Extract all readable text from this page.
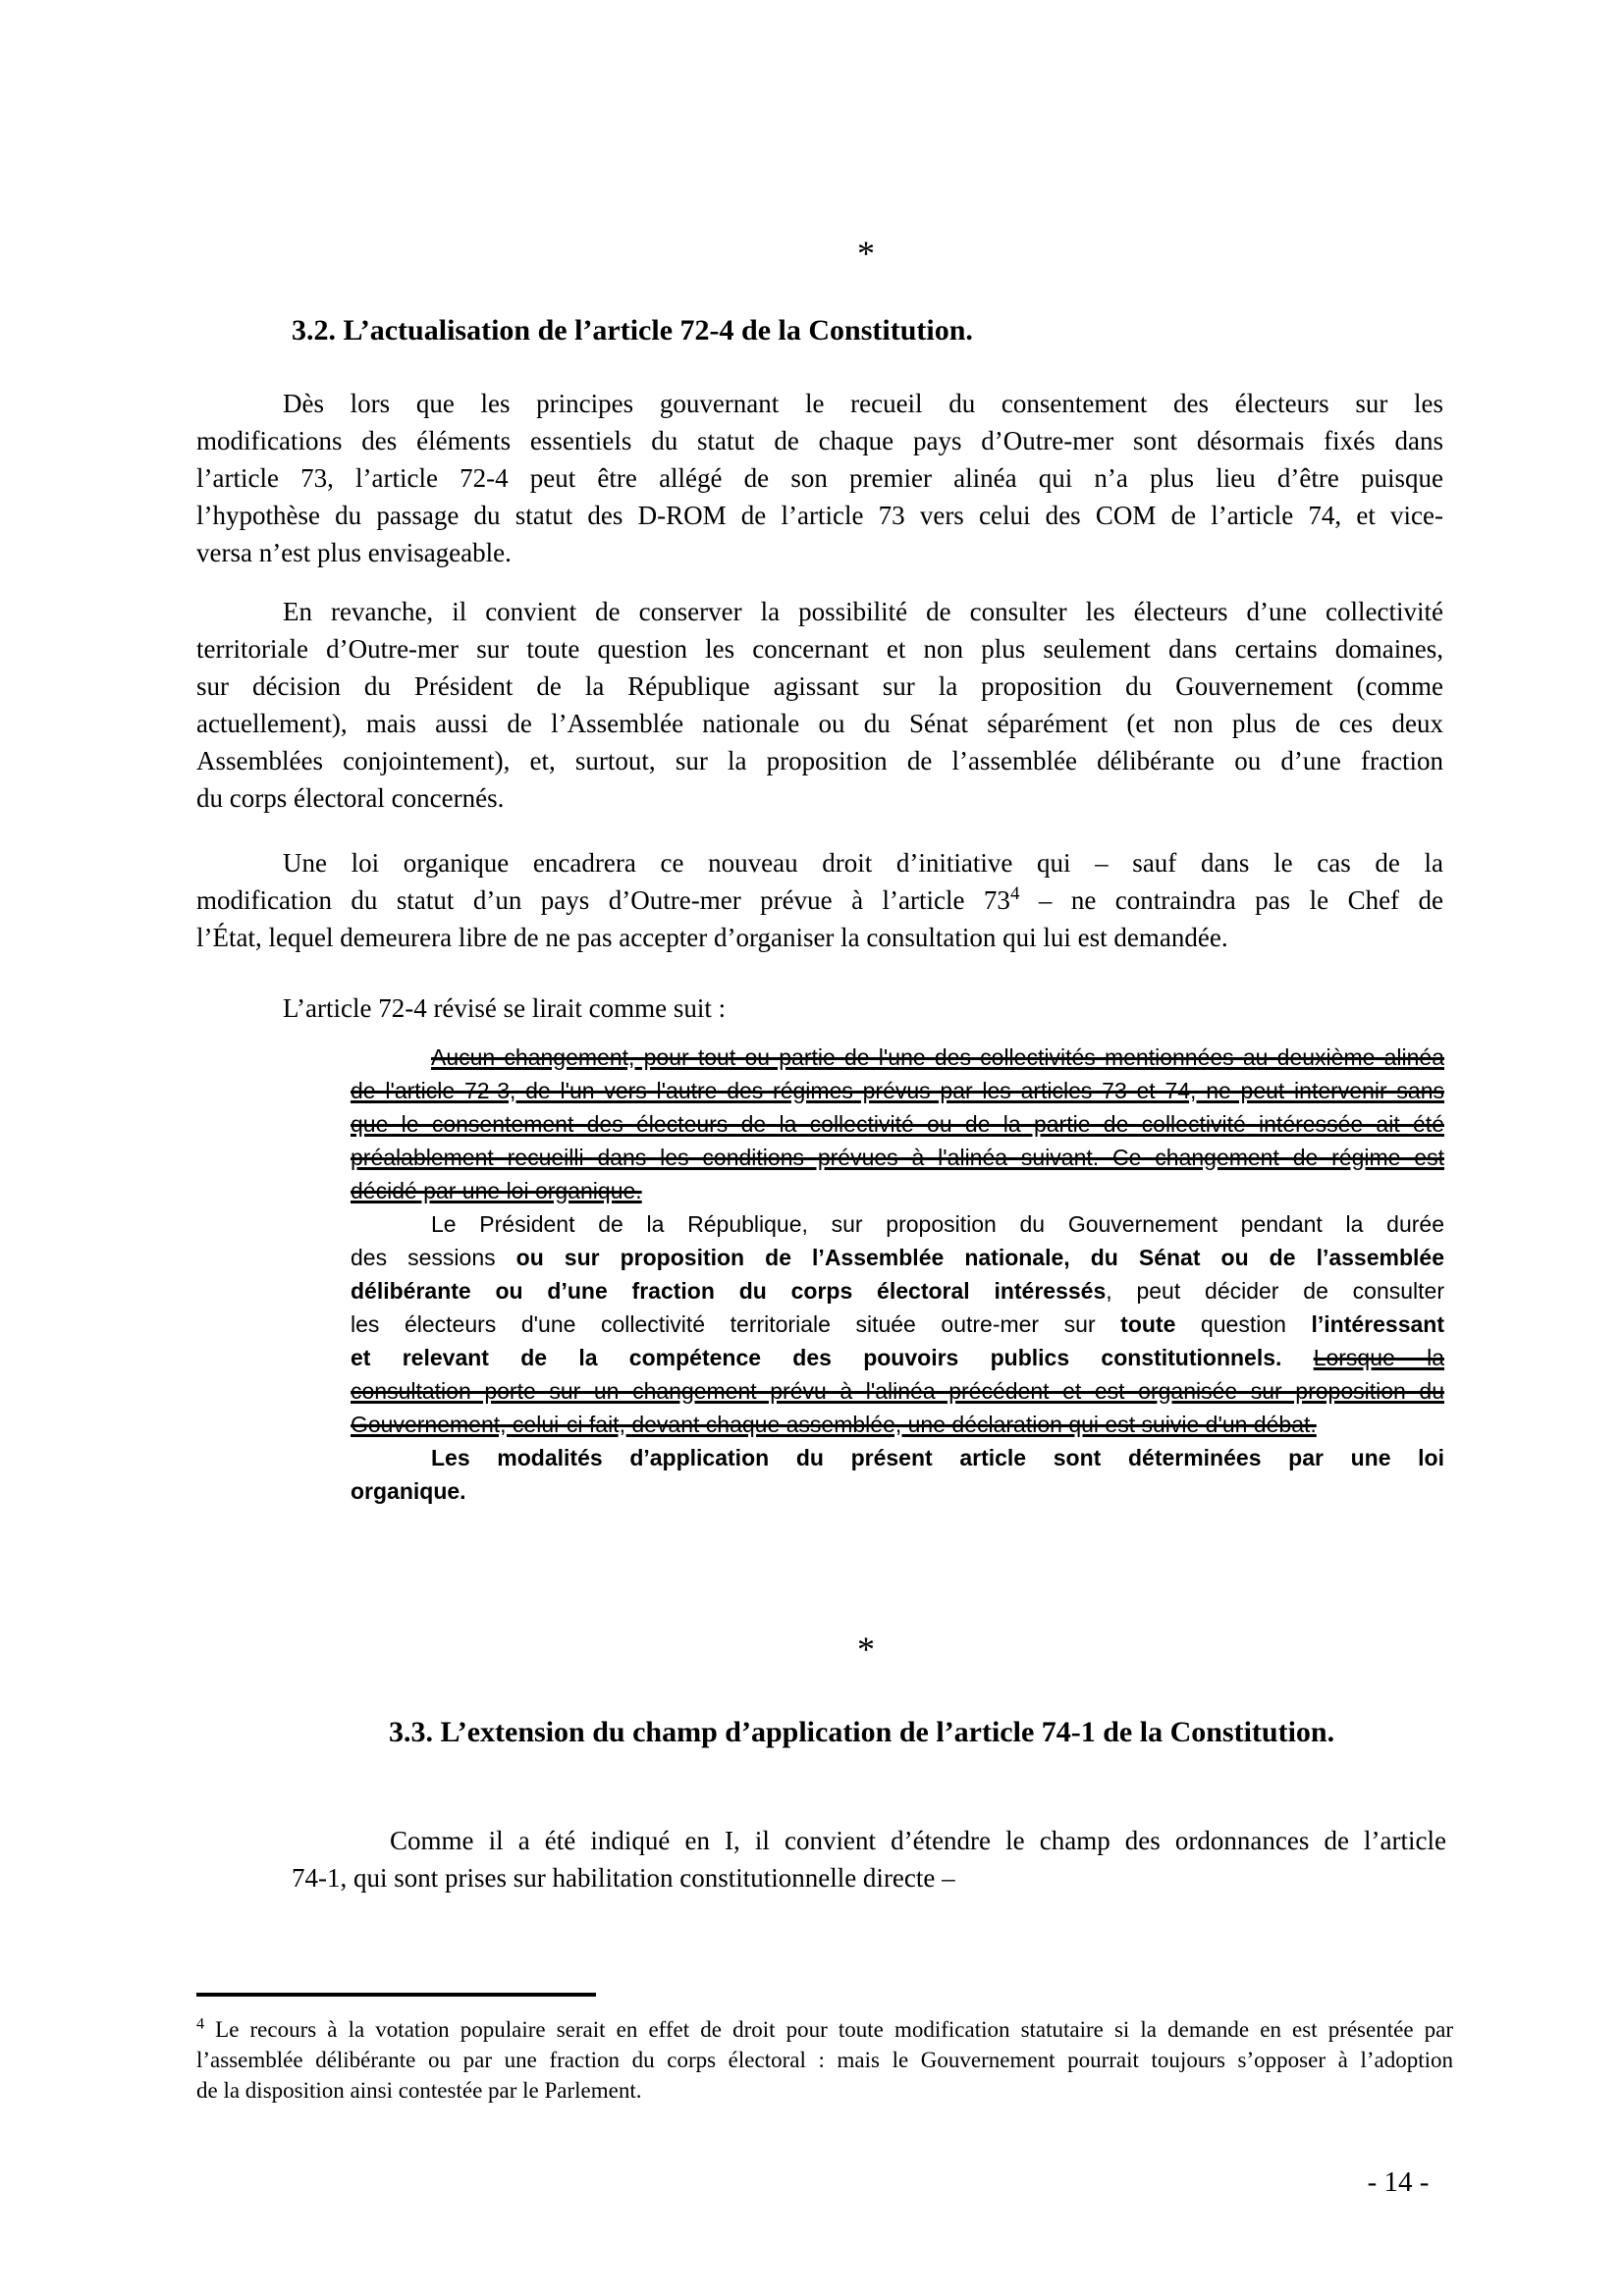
*
3.2. L’actualisation de l’article 72-4 de la Constitution.
Dès lors que les principes gouvernant le recueil du consentement des électeurs sur les
modifications des éléments essentiels du statut de chaque pays d’Outre-mer sont désormais fixés dans
l’article 73, l’article 72-4 peut être allégé de son premier alinéa qui n’a plus lieu d’être puisque
l’hypothèse du passage du statut des D-ROM de l’article 73 vers celui des COM de l’article 74, et vice-
versa n’est plus envisageable.
En revanche, il convient de conserver la possibilité de consulter les électeurs d’une collectivité
territoriale d’Outre-mer sur toute question les concernant et non plus seulement dans certains domaines,
sur décision du Président de la République agissant sur la proposition du Gouvernement (comme
actuellement), mais aussi de l’Assemblée nationale ou du Sénat séparément (et non plus de ces deux
Assemblées conjointement), et, surtout, sur la proposition de l’assemblée délibérante ou d’une fraction
du corps électoral concernés.
Une loi organique encadrera ce nouveau droit d’initiative qui – sauf dans le cas de la
modification du statut d’un pays d’Outre-mer prévue à l’article $73^4$ – ne contraindra pas le Chef de
l’État, lequel demeurera libre de ne pas accepter d’organiser la consultation qui lui est demandée.
L’article 72-4 révisé se lirait comme suit :
Aucun changement, pour tout ou partie de l'une des collectivités mentionnées au deuxième alinéa
de l'article 72-3, de l'un vers l'autre des régimes prévus par les articles 73 et 74, ne peut intervenir sans
que le consentement des électeurs de la collectivité ou de la partie de collectivité intéressée ait été
préalablement recueilli dans les conditions prévues à l'alinéa suivant. Ce changement de régime est
décidé par une loi organique.
Le Président de la République, sur proposition du Gouvernement pendant la durée
des sessions ou sur proposition de l’Assemblée nationale, du Sénat ou de l’assemblée
délibérante ou d’une fraction du corps électoral intéressés, peut décider de consulter
les électeurs d'une collectivité territoriale située outre-mer sur toute question l’intéressant
et relevant de la compétence des pouvoirs publics constitutionnels. Lorsque la
consultation porte sur un changement prévu à l'alinéa précédent et est organisée sur proposition du
Gouvernement, celui-ci fait, devant chaque assemblée, une déclaration qui est suivie d'un débat.
Les modalités d’application du présent article sont déterminées par une loi
organique.
*
3.3. L’extension du champ d’application de l’article 74-1 de la Constitution.
Comme il a été indiqué en I, il convient d’étendre le champ des ordonnances de l’article
74-1, qui sont prises sur habilitation constitutionnelle directe –
$^4$ Le recours à la votation populaire serait en effet de droit pour toute modification statutaire si la demande en est présentée par
l’assemblée délibérante ou par une fraction du corps électoral : mais le Gouvernement pourrait toujours s’opposer à l’adoption
de la disposition ainsi contestée par le Parlement.
- 14 -
